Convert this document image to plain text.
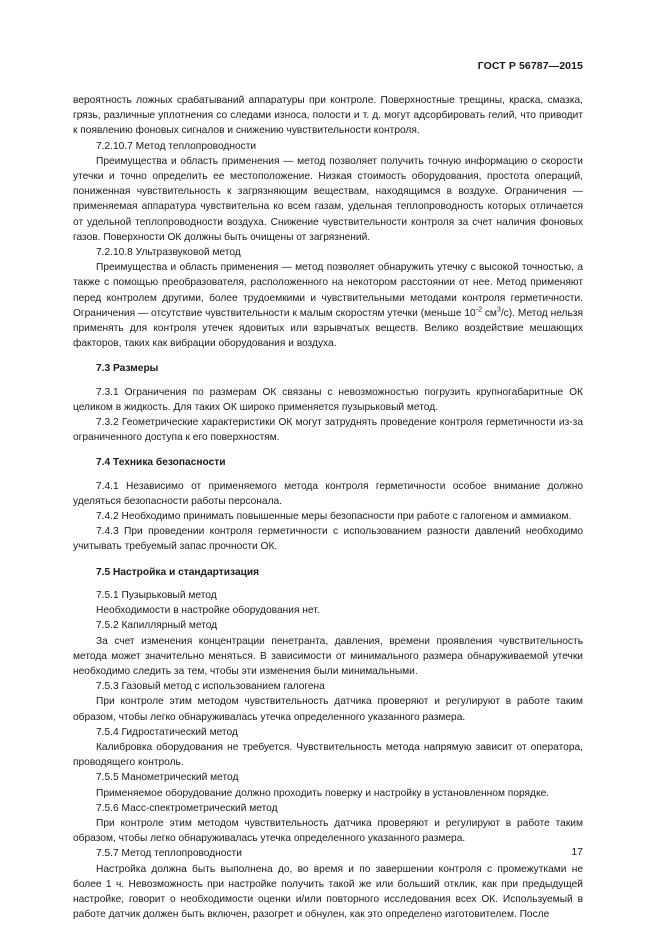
ГОСТ Р 56787—2015

вероятность ложных срабатываний аппаратуры при контроле. Поверхностные трещины, краска, смазка, грязь, различные уплотнения со следами износа, полости и т. д. могут адсорбировать гелий, что приводит к появлению фоновых сигналов и снижению чувствительности контроля.

7.2.10.7 Метод теплопроводности

Преимущества и область применения — метод позволяет получить точную информацию о скорости утечки и точно определить ее местоположение. Низкая стоимость оборудования, простота операций, пониженная чувствительность к загрязняющим веществам, находящимся в воздухе. Ограничения — применяемая аппаратура чувствительна ко всем газам, удельная теплопроводность которых отличается от удельной теплопроводности воздуха. Снижение чувствительности контроля за счет наличия фоновых газов. Поверхности ОК должны быть очищены от загрязнений.

7.2.10.8 Ультразвуковой метод

Преимущества и область применения — метод позволяет обнаружить утечку с высокой точностью, а также с помощью преобразователя, расположенного на некотором расстоянии от нее. Метод применяют перед контролем другими, более трудоемкими и чувствительными методами контроля герметичности. Ограничения — отсутствие чувствительности к малым скоростям утечки (меньше $10^{-2}$ $см^3/с$). Метод нельзя применять для контроля утечек ядовитых или взрывчатых веществ. Велико воздействие мешающих факторов, таких как вибрации оборудования и воздуха.

7.3 Размеры

7.3.1 Ограничения по размерам ОК связаны с невозможностью погрузить крупногабаритные ОК целиком в жидкость. Для таких ОК широко применяется пузырьковый метод.

7.3.2 Геометрические характеристики ОК могут затруднять проведение контроля герметичности из-за ограниченного доступа к его поверхностям.

7.4 Техника безопасности

7.4.1 Независимо от применяемого метода контроля герметичности особое внимание должно уделяться безопасности работы персонала.

7.4.2 Необходимо принимать повышенные меры безопасности при работе с галогеном и аммиаком.

7.4.3 При проведении контроля герметичности с использованием разности давлений необходимо учитывать требуемый запас прочности ОК.

7.5 Настройка и стандартизация

7.5.1 Пузырьковый метод

Необходимости в настройке оборудования нет.

7.5.2 Капиллярный метод

За счет изменения концентрации пенетранта, давления, времени проявления чувствительность метода может значительно меняться. В зависимости от минимального размера обнаруживаемой утечки необходимо следить за тем, чтобы эти изменения были минимальными.

7.5.3 Газовый метод с использованием галогена

При контроле этим методом чувствительность датчика проверяют и регулируют в работе таким образом, чтобы легко обнаруживалась утечка определенного указанного размера.

7.5.4 Гидростатический метод

Калибровка оборудования не требуется. Чувствительность метода напрямую зависит от оператора, проводящего контроль.

7.5.5 Манометрический метод

Применяемое оборудование должно проходить поверку и настройку в установленном порядке.

7.5.6 Масс-спектрометрический метод

При контроле этим методом чувствительность датчика проверяют и регулируют в работе таким образом, чтобы легко обнаруживалась утечка определенного указанного размера.

7.5.7 Метод теплопроводности

Настройка должна быть выполнена до, во время и по завершении контроля с промежутками не более 1 ч. Невозможность при настройке получить такой же или больший отклик, как при предыдущей настройке, говорит о необходимости оценки и/или повторного исследования всех ОК. Используемый в работе датчик должен быть включен, разогрет и обнулен, как это определено изготовителем. После

17
